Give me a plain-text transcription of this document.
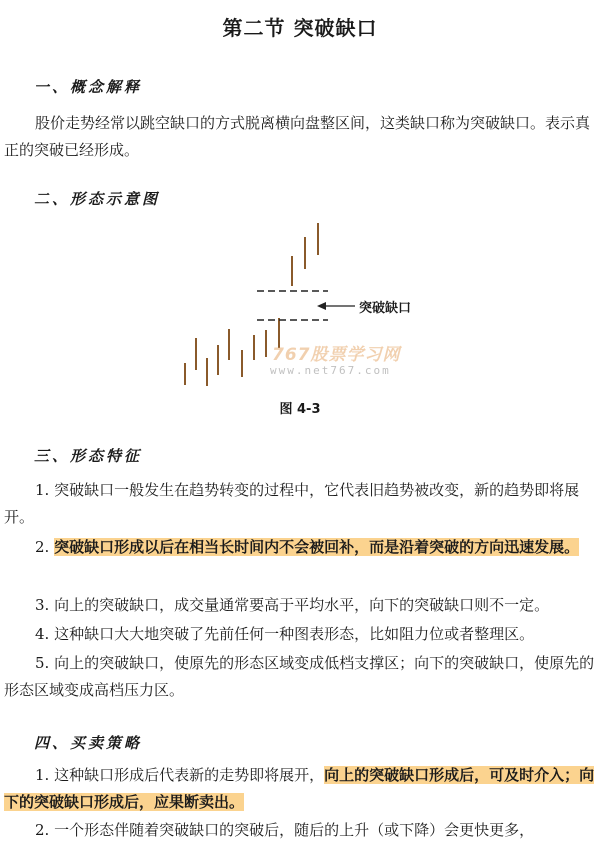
第二节 突破缺口
一、概念解释

股价走势经常以跳空缺口的方式脱离横向盘整区间，这类缺口称为突破缺口。表示真正的突破已经形成。

二、形态示意图
突破缺口
767股票学习网
www.net767.com
图 4-3
三、形态特征

1. 突破缺口一般发生在趋势转变的过程中，它代表旧趋势被改变，新的趋势即将展开。

2. 突破缺口形成以后在相当长时间内不会被回补，而是沿着突破的方向迅速发展。

3. 向上的突破缺口，成交量通常要高于平均水平，向下的突破缺口则不一定。

4. 这种缺口大大地突破了先前任何一种图表形态，比如阻力位或者整理区。

5. 向上的突破缺口，使原先的形态区域变成低档支撑区；向下的突破缺口，使原先的形态区域变成高档压力区。

四、买卖策略

1. 这种缺口形成后代表新的走势即将展开，向上的突破缺口形成后，可及时介入；向下的突破缺口形成后，应果断卖出。

2. 一个形态伴随着突破缺口的突破后，随后的上升（或下降）会更快更多，
